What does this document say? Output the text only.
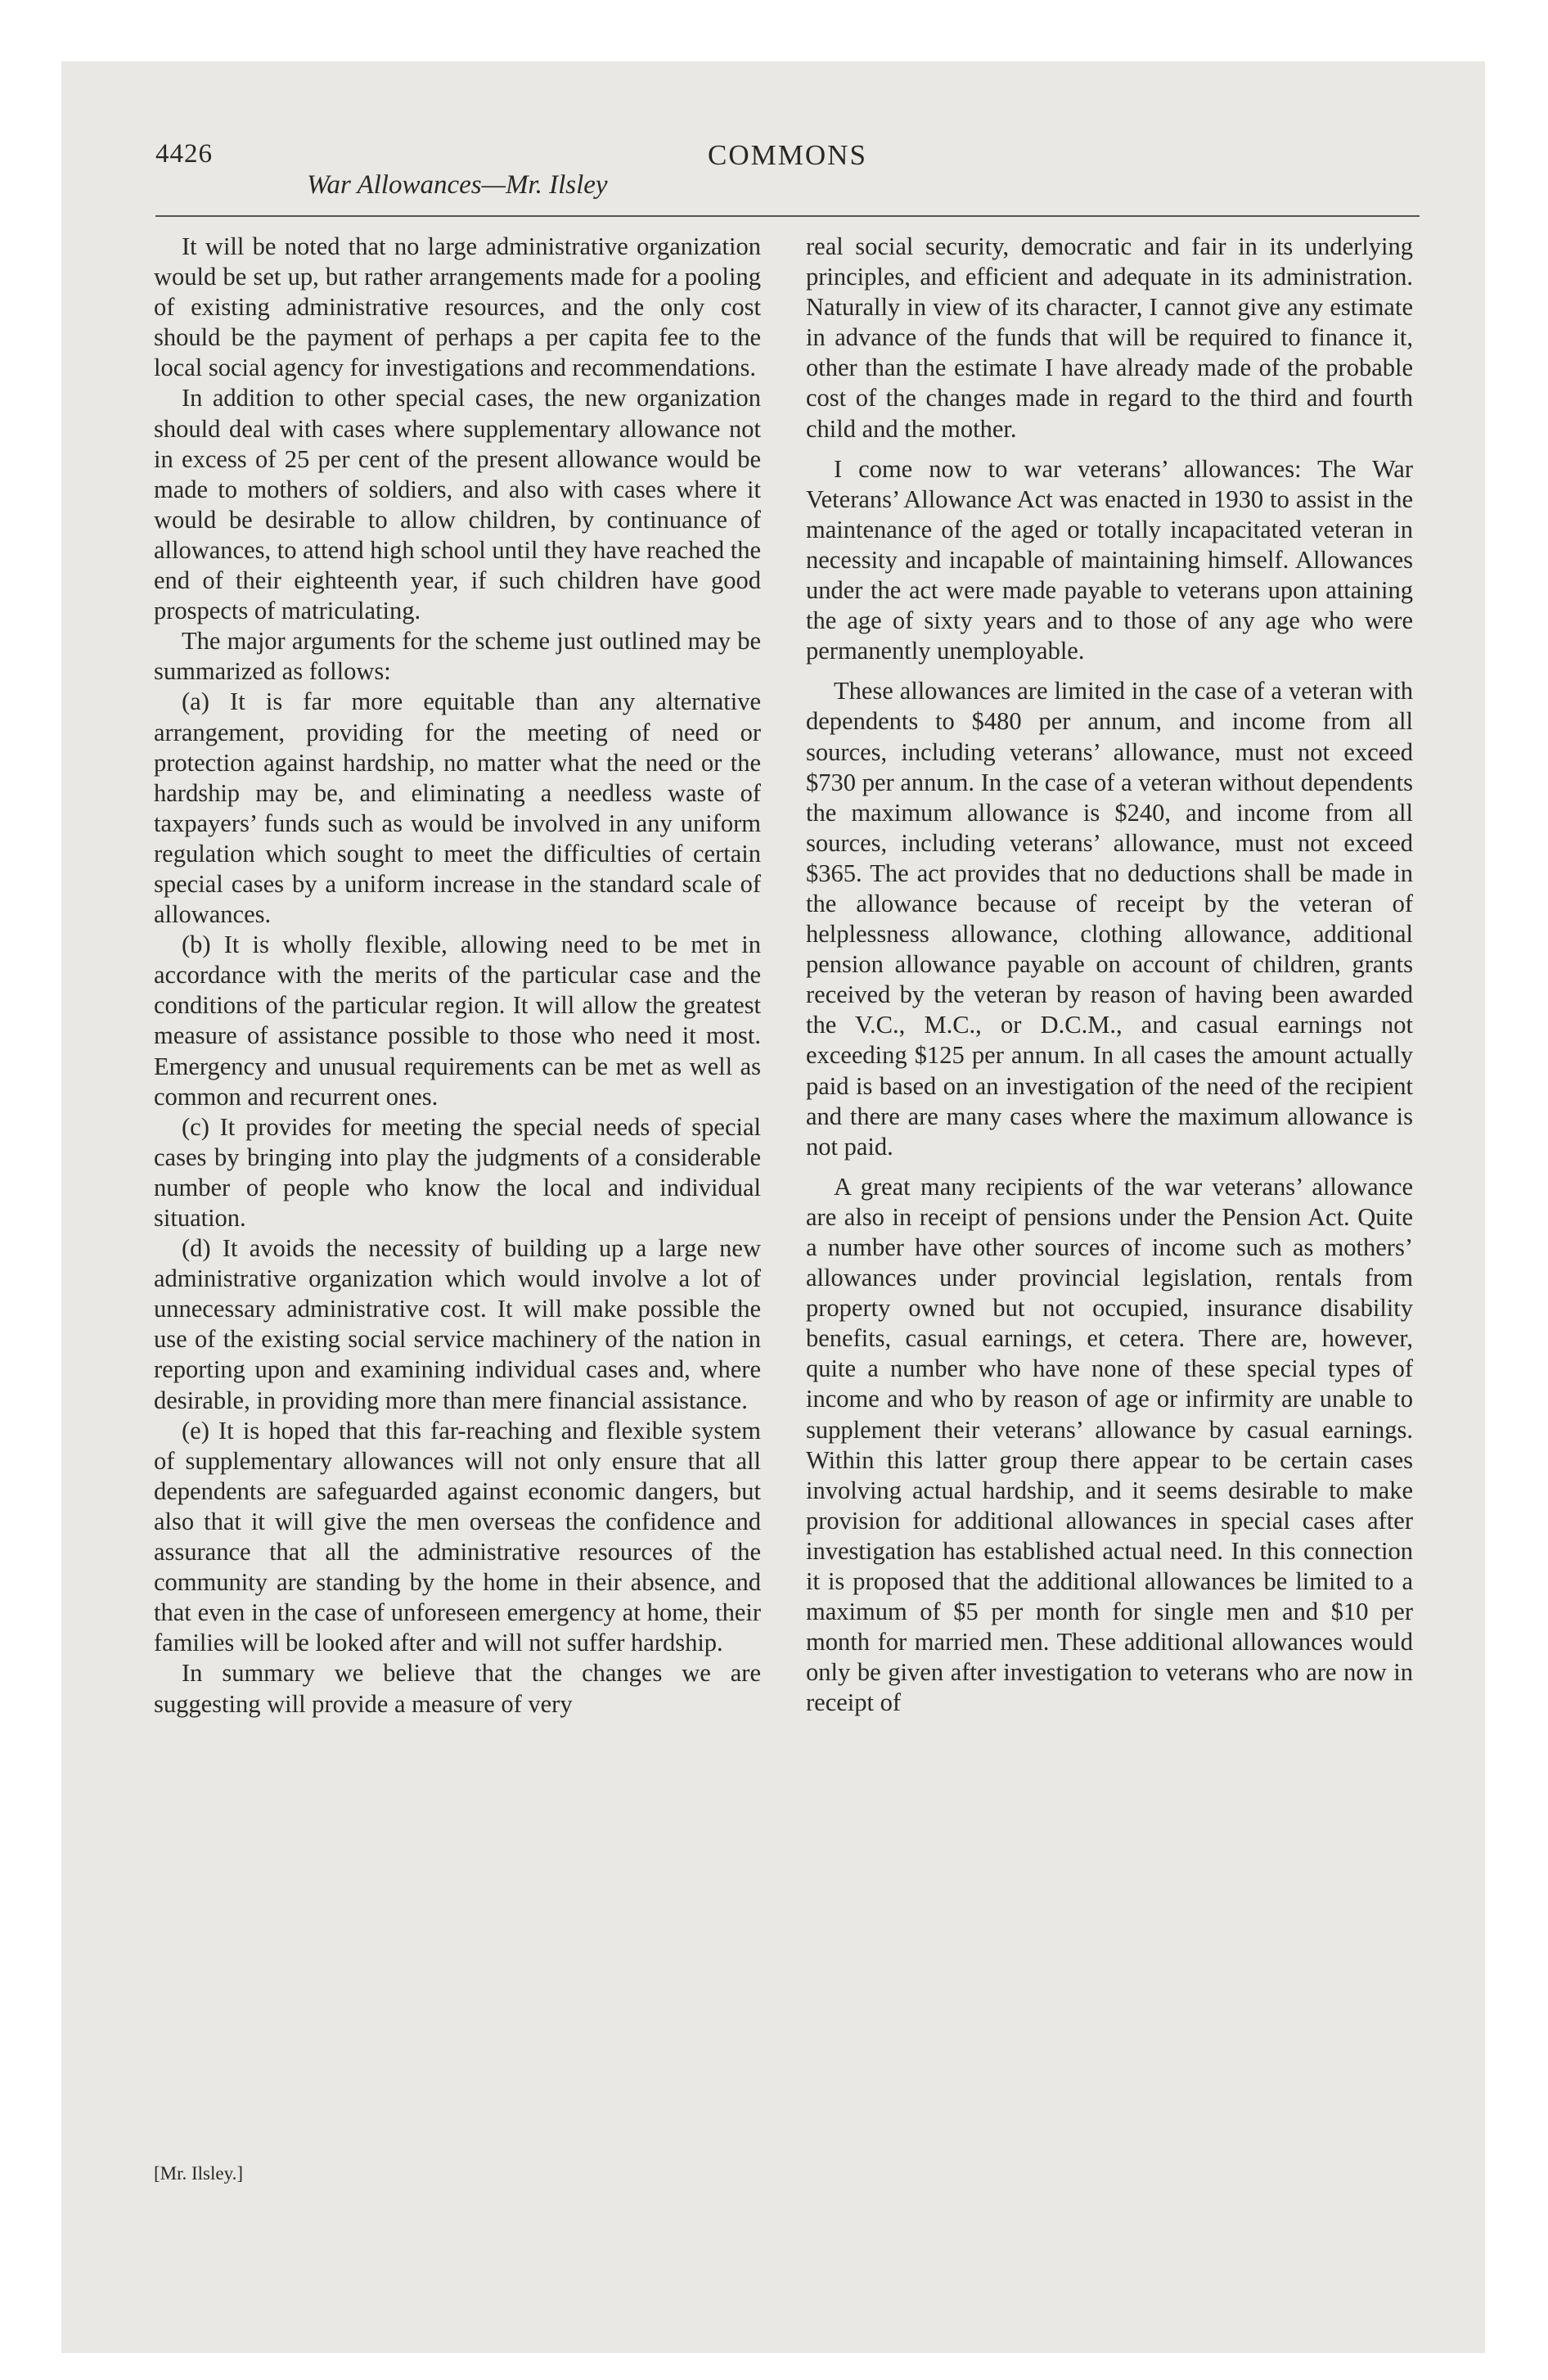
4426	COMMONS
War Allowances—Mr. Ilsley

It will be noted that no large administrative organization would be set up, but rather arrangements made for a pooling of existing administrative resources, and the only cost should be the payment of perhaps a per capita fee to the local social agency for investigations and recommendations.

In addition to other special cases, the new organization should deal with cases where supplementary allowance not in excess of 25 per cent of the present allowance would be made to mothers of soldiers, and also with cases where it would be desirable to allow children, by continuance of allowances, to attend high school until they have reached the end of their eighteenth year, if such children have good prospects of matriculating.

The major arguments for the scheme just outlined may be summarized as follows:

(a) It is far more equitable than any alternative arrangement, providing for the meeting of need or protection against hardship, no matter what the need or the hardship may be, and eliminating a needless waste of taxpayers’ funds such as would be involved in any uniform regulation which sought to meet the difficulties of certain special cases by a uniform increase in the standard scale of allowances.

(b) It is wholly flexible, allowing need to be met in accordance with the merits of the particular case and the conditions of the particular region. It will allow the greatest measure of assistance possible to those who need it most. Emergency and unusual requirements can be met as well as common and recurrent ones.

(c) It provides for meeting the special needs of special cases by bringing into play the judgments of a considerable number of people who know the local and individual situation.

(d) It avoids the necessity of building up a large new administrative organization which would involve a lot of unnecessary administrative cost. It will make possible the use of the existing social service machinery of the nation in reporting upon and examining individual cases and, where desirable, in providing more than mere financial assistance.

(e) It is hoped that this far-reaching and flexible system of supplementary allowances will not only ensure that all dependents are safeguarded against economic dangers, but also that it will give the men overseas the confidence and assurance that all the administrative resources of the community are standing by the home in their absence, and that even in the case of unforeseen emergency at home, their families will be looked after and will not suffer hardship.

In summary we believe that the changes we are suggesting will provide a measure of very

real social security, democratic and fair in its underlying principles, and efficient and adequate in its administration. Naturally in view of its character, I cannot give any estimate in advance of the funds that will be required to finance it, other than the estimate I have already made of the probable cost of the changes made in regard to the third and fourth child and the mother.

I come now to war veterans’ allowances: The War Veterans’ Allowance Act was enacted in 1930 to assist in the maintenance of the aged or totally incapacitated veteran in necessity and incapable of maintaining himself. Allowances under the act were made payable to veterans upon attaining the age of sixty years and to those of any age who were permanently unemployable.

These allowances are limited in the case of a veteran with dependents to $480 per annum, and income from all sources, including veterans’ allowance, must not exceed $730 per annum. In the case of a veteran without dependents the maximum allowance is $240, and income from all sources, including veterans’ allowance, must not exceed $365. The act provides that no deductions shall be made in the allowance because of receipt by the veteran of helplessness allowance, clothing allowance, additional pension allowance payable on account of children, grants received by the veteran by reason of having been awarded the V.C., M.C., or D.C.M., and casual earnings not exceeding $125 per annum. In all cases the amount actually paid is based on an investigation of the need of the recipient and there are many cases where the maximum allowance is not paid.

A great many recipients of the war veterans’ allowance are also in receipt of pensions under the Pension Act. Quite a number have other sources of income such as mothers’ allowances under provincial legislation, rentals from property owned but not occupied, insurance disability benefits, casual earnings, et cetera. There are, however, quite a number who have none of these special types of income and who by reason of age or infirmity are unable to supplement their veterans’ allowance by casual earnings. Within this latter group there appear to be certain cases involving actual hardship, and it seems desirable to make provision for additional allowances in special cases after investigation has established actual need. In this connection it is proposed that the additional allowances be limited to a maximum of $5 per month for single men and $10 per month for married men. These additional allowances would only be given after investigation to veterans who are now in receipt of

[Mr. Ilsley.]
